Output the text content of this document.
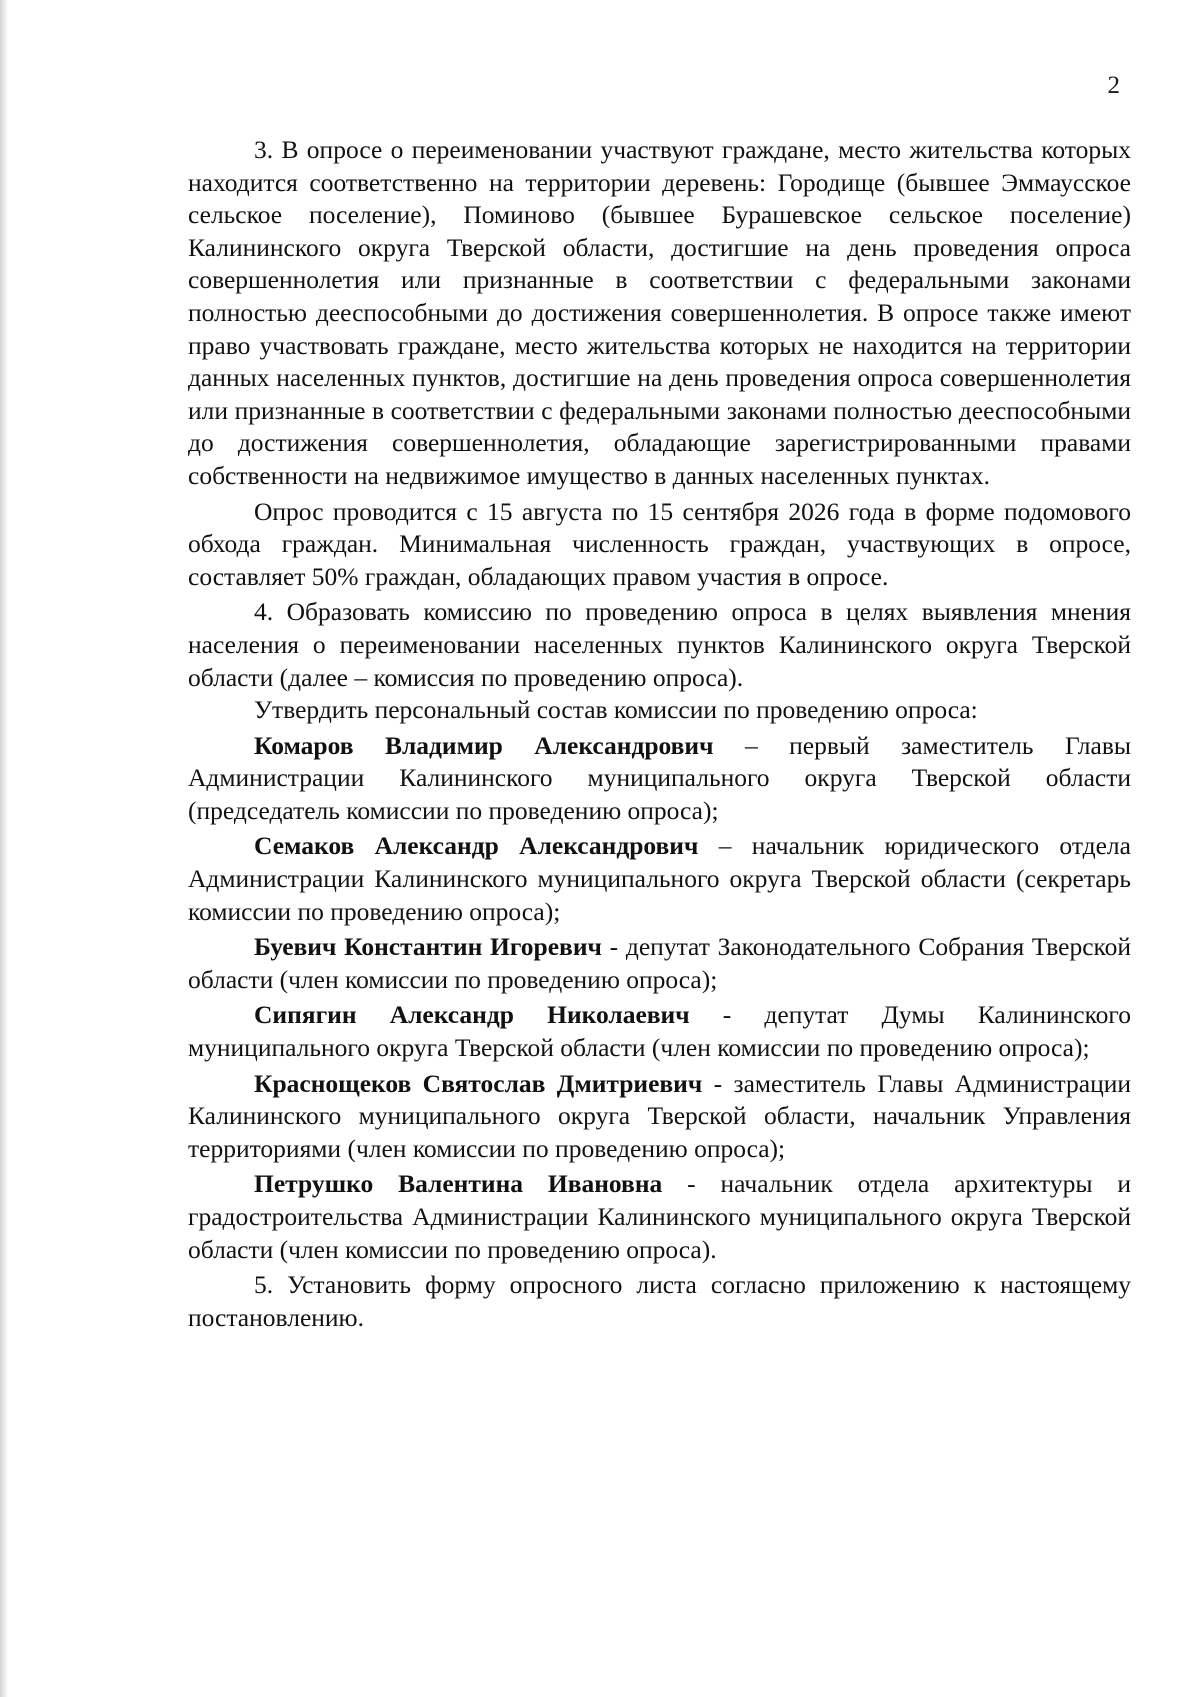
2

3. В опросе о переименовании участвуют граждане, место жительства которых находится соответственно на территории деревень: Городище (бывшее Эммаусское сельское поселение), Поминово (бывшее Бурашевское сельское поселение) Калининского округа Тверской области, достигшие на день проведения опроса совершеннолетия или признанные в соответствии с федеральными законами полностью дееспособными до достижения совершеннолетия. В опросе также имеют право участвовать граждане, место жительства которых не находится на территории данных населенных пунктов, достигшие на день проведения опроса совершеннолетия или признанные в соответствии с федеральными законами полностью дееспособными до достижения совершеннолетия, обладающие зарегистрированными правами собственности на недвижимое имущество в данных населенных пунктах.

Опрос проводится с 15 августа по 15 сентября 2026 года в форме подомового обхода граждан. Минимальная численность граждан, участвующих в опросе, составляет 50% граждан, обладающих правом участия в опросе.

4. Образовать комиссию по проведению опроса в целях выявления мнения населения о переименовании населенных пунктов Калининского округа Тверской области (далее – комиссия по проведению опроса).

Утвердить персональный состав комиссии по проведению опроса:

Комаров Владимир Александрович – первый заместитель Главы Администрации Калининского муниципального округа Тверской области (председатель комиссии по проведению опроса);

Семаков Александр Александрович – начальник юридического отдела Администрации Калининского муниципального округа Тверской области (секретарь комиссии по проведению опроса);

Буевич Константин Игоревич - депутат Законодательного Собрания Тверской области (член комиссии по проведению опроса);

Сипягин Александр Николаевич - депутат Думы Калининского муниципального округа Тверской области (член комиссии по проведению опроса);

Краснощеков Святослав Дмитриевич - заместитель Главы Администрации Калининского муниципального округа Тверской области, начальник Управления территориями (член комиссии по проведению опроса);

Петрушко Валентина Ивановна - начальник отдела архитектуры и градостроительства Администрации Калининского муниципального округа Тверской области (член комиссии по проведению опроса).

5. Установить форму опросного листа согласно приложению к настоящему постановлению.
